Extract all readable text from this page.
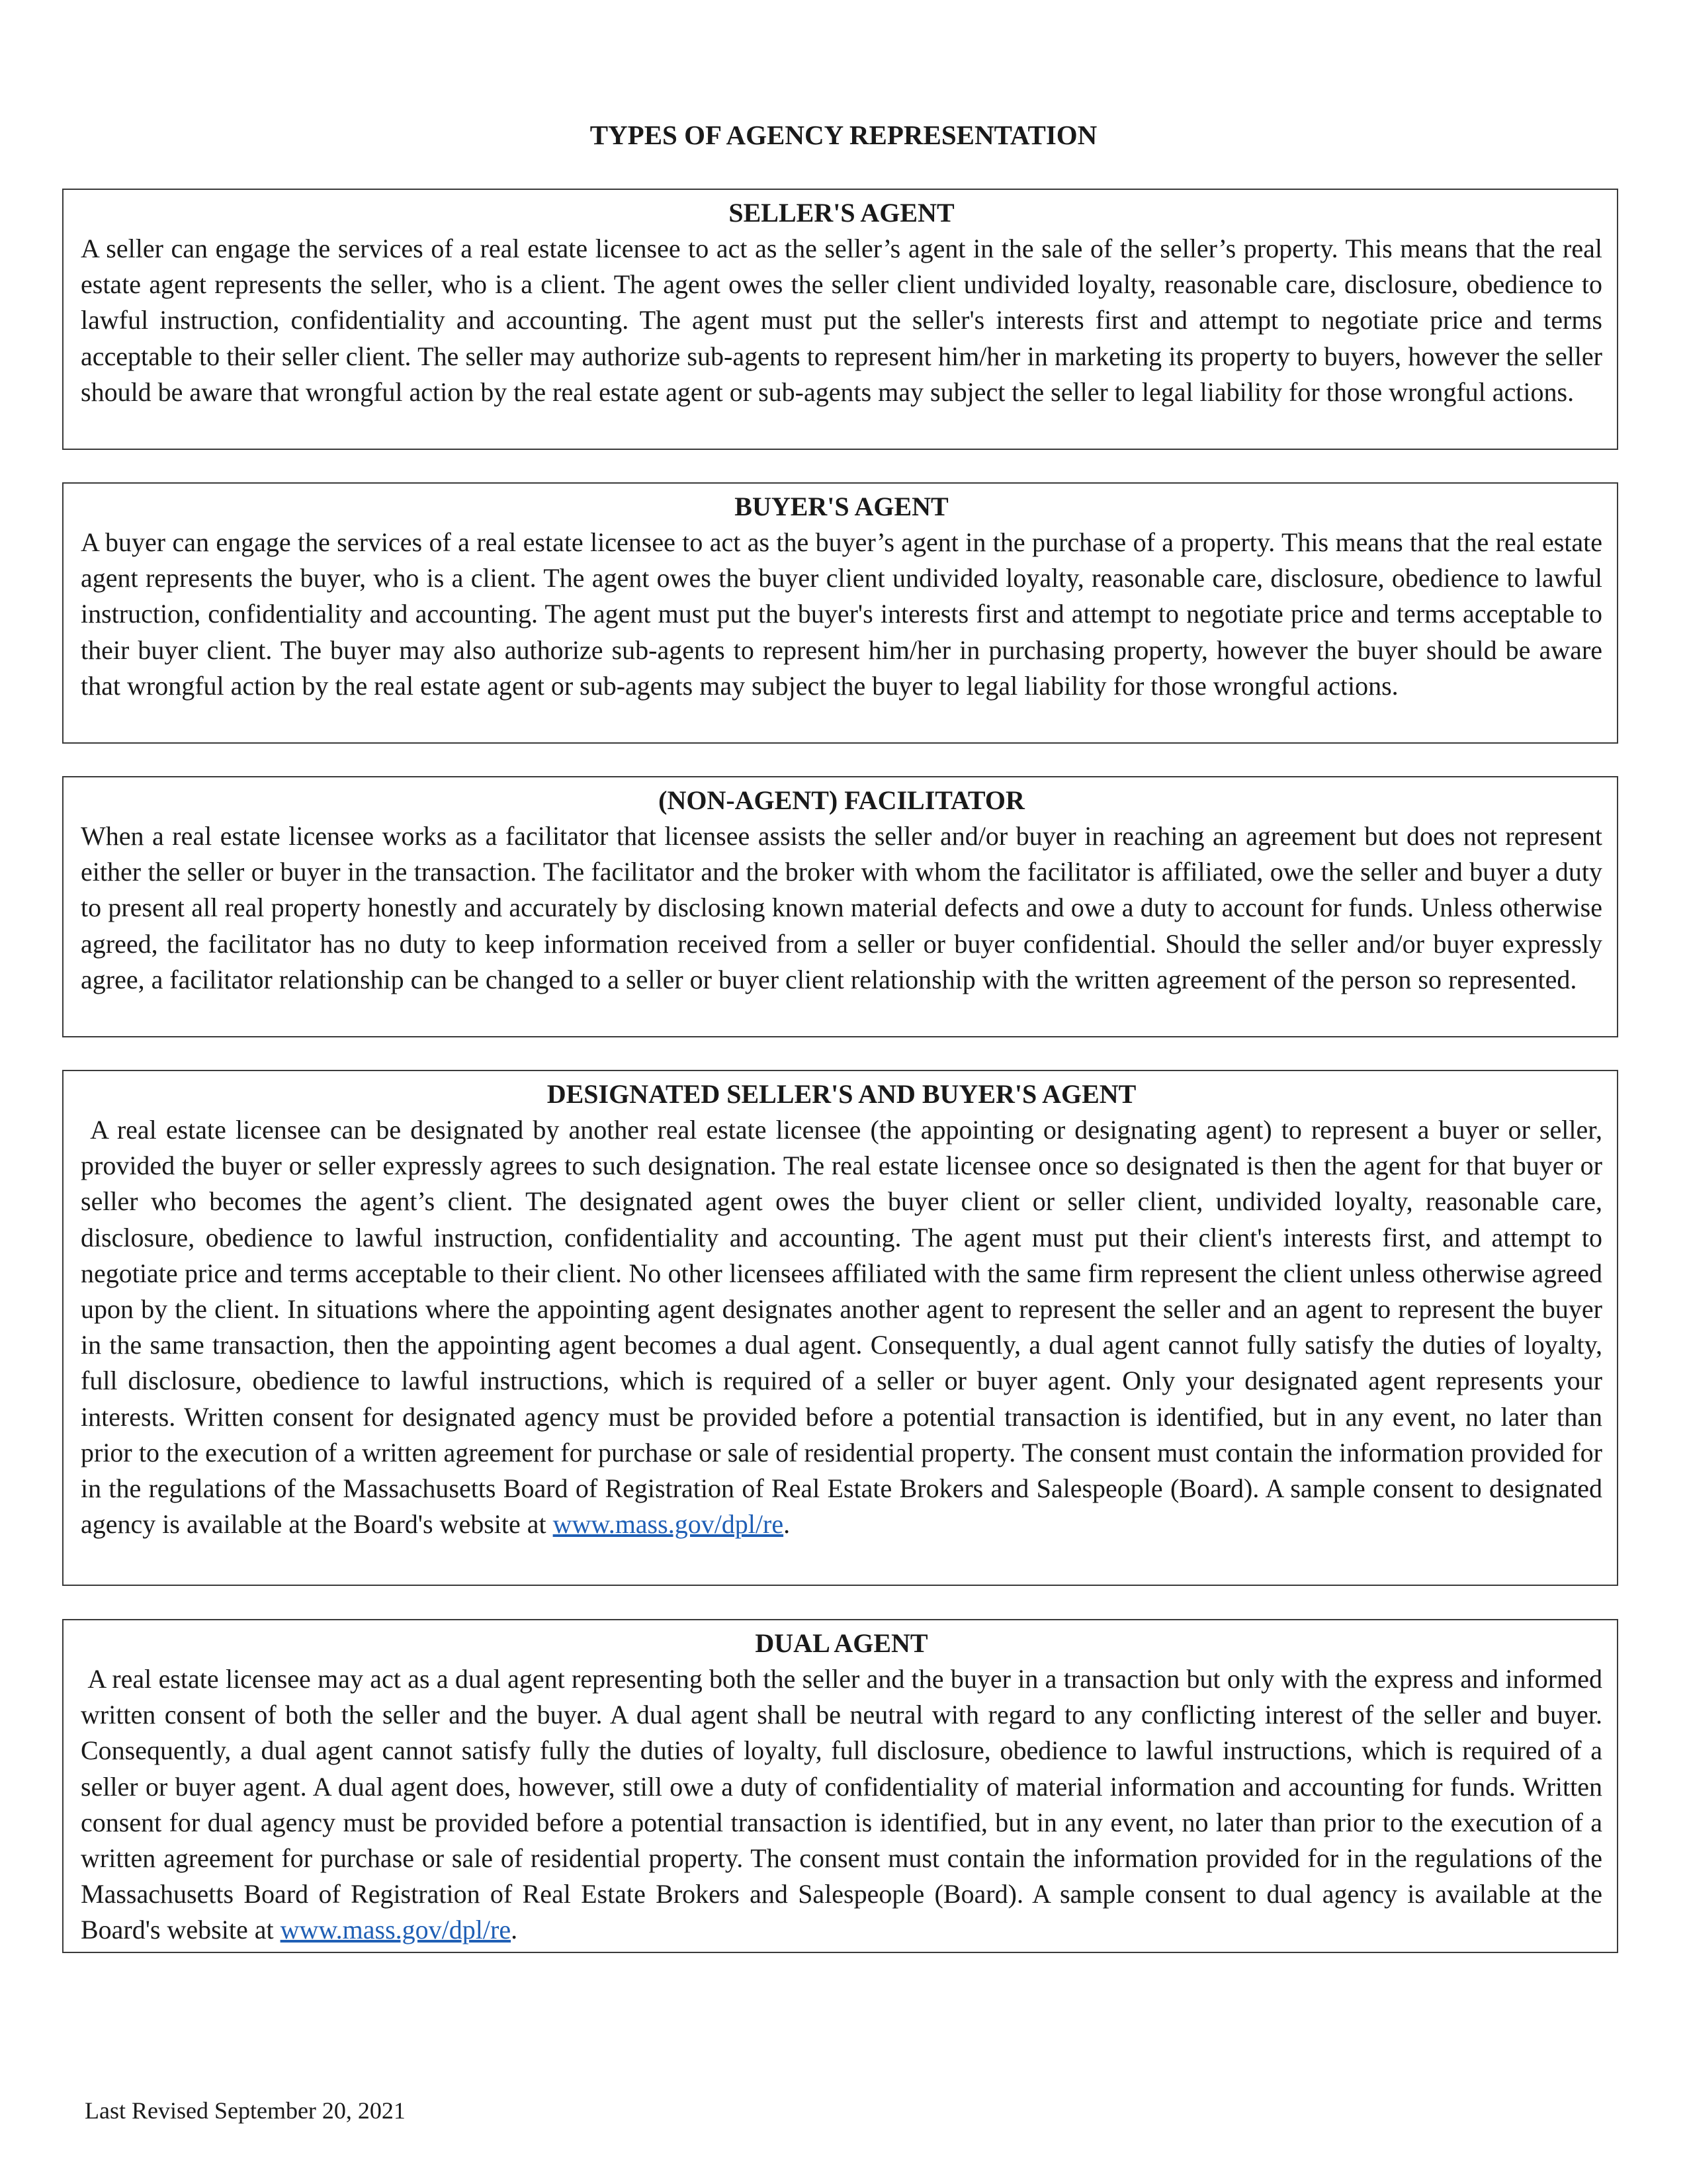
TYPES OF AGENCY REPRESENTATION
SELLER'S AGENT

A seller can engage the services of a real estate licensee to act as the seller’s agent in the sale of the seller’s property. This means that the real estate agent represents the seller, who is a client. The agent owes the seller client undivided loyalty, reasonable care, disclosure, obedience to lawful instruction, confidentiality and accounting. The agent must put the seller's interests first and attempt to negotiate price and terms acceptable to their seller client. The seller may authorize sub-agents to represent him/her in marketing its property to buyers, however the seller should be aware that wrongful action by the real estate agent or sub-agents may subject the seller to legal liability for those wrongful actions.

BUYER'S AGENT

A buyer can engage the services of a real estate licensee to act as the buyer’s agent in the purchase of a property. This means that the real estate agent represents the buyer, who is a client. The agent owes the buyer client undivided loyalty, reasonable care, disclosure, obedience to lawful instruction, confidentiality and accounting. The agent must put the buyer's interests first and attempt to negotiate price and terms acceptable to their buyer client. The buyer may also authorize sub-agents to represent him/her in purchasing property, however the buyer should be aware that wrongful action by the real estate agent or sub-agents may subject the buyer to legal liability for those wrongful actions.

(NON-AGENT) FACILITATOR

When a real estate licensee works as a facilitator that licensee assists the seller and/or buyer in reaching an agreement but does not represent either the seller or buyer in the transaction. The facilitator and the broker with whom the facilitator is affiliated, owe the seller and buyer a duty to present all real property honestly and accurately by disclosing known material defects and owe a duty to account for funds. Unless otherwise agreed, the facilitator has no duty to keep information received from a seller or buyer confidential. Should the seller and/or buyer expressly agree, a facilitator relationship can be changed to a seller or buyer client relationship with the written agreement of the person so represented.

DESIGNATED SELLER'S AND BUYER'S AGENT

A real estate licensee can be designated by another real estate licensee (the appointing or designating agent) to represent a buyer or seller, provided the buyer or seller expressly agrees to such designation. The real estate licensee once so designated is then the agent for that buyer or seller who becomes the agent’s client. The designated agent owes the buyer client or seller client, undivided loyalty, reasonable care, disclosure, obedience to lawful instruction, confidentiality and accounting. The agent must put their client's interests first, and attempt to negotiate price and terms acceptable to their client. No other licensees affiliated with the same firm represent the client unless otherwise agreed upon by the client. In situations where the appointing agent designates another agent to represent the seller and an agent to represent the buyer in the same transaction, then the appointing agent becomes a dual agent. Consequently, a dual agent cannot fully satisfy the duties of loyalty, full disclosure, obedience to lawful instructions, which is required of a seller or buyer agent. Only your designated agent represents your interests. Written consent for designated agency must be provided before a potential transaction is identified, but in any event, no later than prior to the execution of a written agreement for purchase or sale of residential property. The consent must contain the information provided for in the regulations of the Massachusetts Board of Registration of Real Estate Brokers and Salespeople (Board). A sample consent to designated agency is available at the Board's website at www.mass.gov/dpl/re.

DUAL AGENT

A real estate licensee may act as a dual agent representing both the seller and the buyer in a transaction but only with the express and informed written consent of both the seller and the buyer. A dual agent shall be neutral with regard to any conflicting interest of the seller and buyer. Consequently, a dual agent cannot satisfy fully the duties of loyalty, full disclosure, obedience to lawful instructions, which is required of a seller or buyer agent. A dual agent does, however, still owe a duty of confidentiality of material information and accounting for funds. Written consent for dual agency must be provided before a potential transaction is identified, but in any event, no later than prior to the execution of a written agreement for purchase or sale of residential property. The consent must contain the information provided for in the regulations of the Massachusetts Board of Registration of Real Estate Brokers and Salespeople (Board). A sample consent to dual agency is available at the Board's website at www.mass.gov/dpl/re.

Last Revised September 20, 2021
